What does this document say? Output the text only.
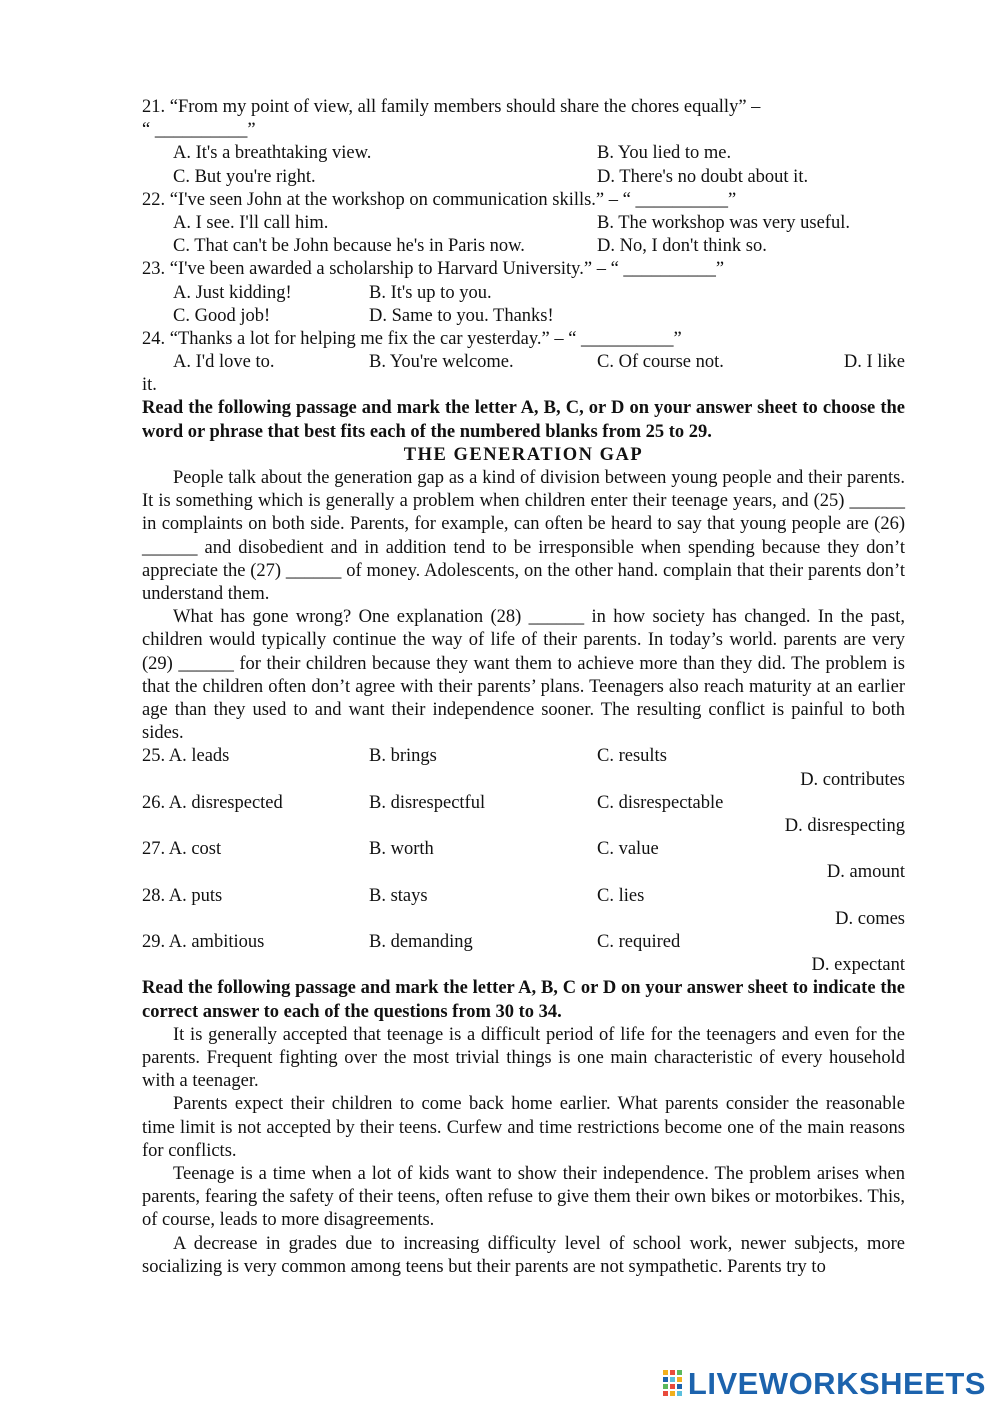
21. “From my point of view, all family members should share the chores equally” –
“ __________”
A. It's a breathtaking view.	B. You lied to me.
C. But you're right.	D. There's no doubt about it.
22. “I've seen John at the workshop on communication skills.” – “ __________”
A. I see. I'll call him.	B. The workshop was very useful.
C. That can't be John because he's in Paris now.	D. No, I don't think so.
23. “I've been awarded a scholarship to Harvard University.” – “ __________”
A. Just kidding!	B. It's up to you.
C. Good job!	D. Same to you. Thanks!
24. “Thanks a lot for helping me fix the car yesterday.” – “ __________”
A. I'd love to.	B. You're welcome.	C. Of course not.	D. I like
it.
Read the following passage and mark the letter A, B, C, or D on your answer sheet to choose the word or phrase that best fits each of the numbered blanks from 25 to 29.
THE GENERATION GAP

People talk about the generation gap as a kind of division between young people and their parents. It is something which is generally a problem when children enter their teenage years, and (25) ______ in complaints on both side. Parents, for example, can often be heard to say that young people are (26) ______ and disobedient and in addition tend to be irresponsible when spending because they don’t appreciate the (27) ______ of money. Adolescents, on the other hand. complain that their parents don’t understand them.

What has gone wrong? One explanation (28) ______ in how society has changed. In the past, children would typically continue the way of life of their parents. In today’s world. parents are very (29) ______ for their children because they want them to achieve more than they did. The problem is that the children often don’t agree with their parents’ plans. Teenagers also reach maturity at an earlier age than they used to and want their independence sooner. The resulting conflict is painful to both sides.

25. A. leads	B. brings	C. results
D. contributes
26. A. disrespected	B. disrespectful	C. disrespectable
D. disrespecting
27. A. cost	B. worth	C. value
D. amount
28. A. puts	B. stays	C. lies
D. comes
29. A. ambitious	B. demanding	C. required
D. expectant
Read the following passage and mark the letter A, B, C or D on your answer sheet to indicate the correct answer to each of the questions from 30 to 34.

It is generally accepted that teenage is a difficult period of life for the teenagers and even for the parents. Frequent fighting over the most trivial things is one main characteristic of every household with a teenager.

Parents expect their children to come back home earlier. What parents consider the reasonable time limit is not accepted by their teens. Curfew and time restrictions become one of the main reasons for conflicts.

Teenage is a time when a lot of kids want to show their independence. The problem arises when parents, fearing the safety of their teens, often refuse to give them their own bikes or motorbikes. This, of course, leads to more disagreements.

A decrease in grades due to increasing difficulty level of school work, newer subjects, more socializing is very common among teens but their parents are not sympathetic. Parents try to

LIVEWORKSHEETS
